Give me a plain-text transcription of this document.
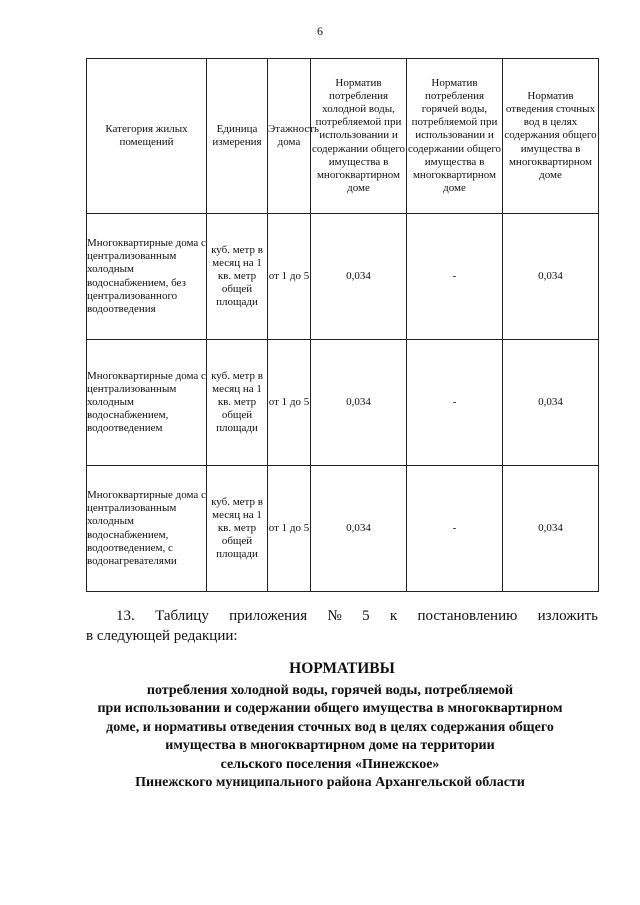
6
Категория жилых помещений	Единица измерения	Этажность дома	Норматив потребления холодной воды, потребляемой при использовании и содержании общего имущества в многоквартирном доме	Норматив потребления горячей воды, потребляемой при использовании и содержании общего имущества в многоквартирном доме	Норматив отведения сточных вод в целях содержания общего имущества в многоквартирном доме
Многоквартирные дома с централизованным холодным водоснабжением, без централизованного водоотведения	куб. метр в месяц на 1 кв. метр общей площади	от 1 до 5	0,034	-	0,034
Многоквартирные дома с централизованным холодным водоснабжением, водоотведением	куб. метр в месяц на 1 кв. метр общей площади	от 1 до 5	0,034	-	0,034
Многоквартирные дома с централизованным холодным водоснабжением, водоотведением, с водонагревателями	куб. метр в месяц на 1 кв. метр общей площади	от 1 до 5	0,034	-	0,034
13. Таблицу приложения № 5 к постановлению изложить
в следующей редакции:
НОРМАТИВЫ
потребления холодной воды, горячей воды, потребляемой
при использовании и содержании общего имущества в многоквартирном
доме, и нормативы отведения сточных вод в целях содержания общего
имущества в многоквартирном доме на территории
сельского поселения «Пинежское»
Пинежского муниципального района Архангельской области
